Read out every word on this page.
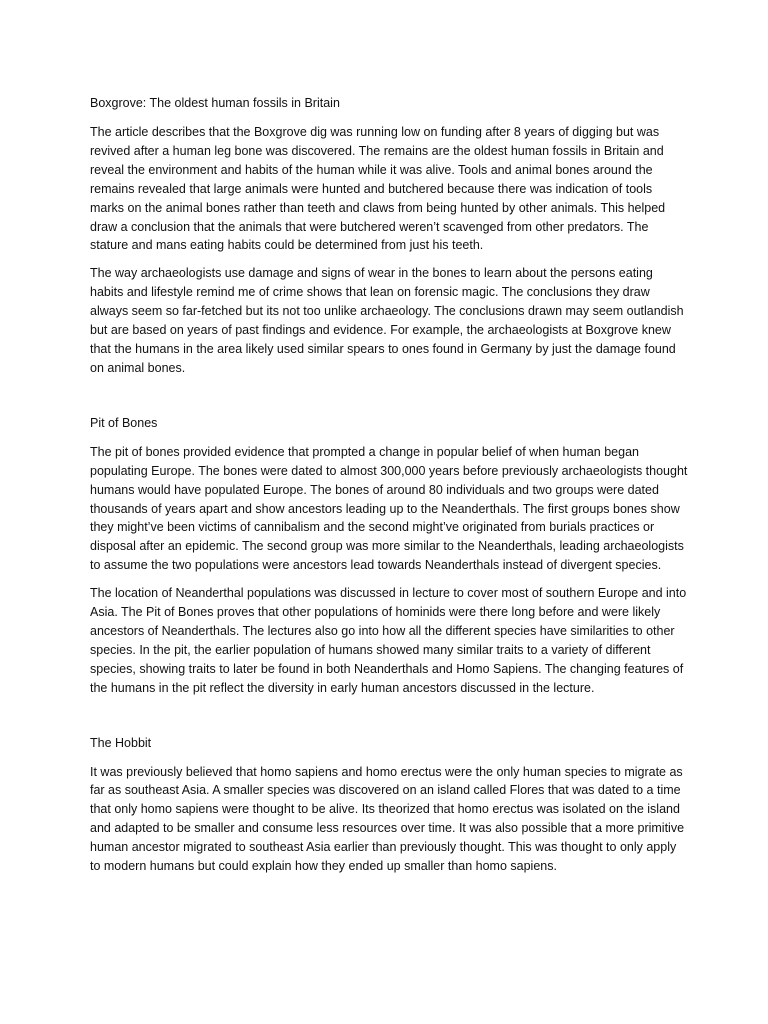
Boxgrove: The oldest human fossils in Britain

The article describes that the Boxgrove dig was running low on funding after 8 years of digging but was revived after a human leg bone was discovered. The remains are the oldest human fossils in Britain and reveal the environment and habits of the human while it was alive. Tools and animal bones around the remains revealed that large animals were hunted and butchered because there was indication of tools marks on the animal bones rather than teeth and claws from being hunted by other animals. This helped draw a conclusion that the animals that were butchered weren’t scavenged from other predators. The stature and mans eating habits could be determined from just his teeth.

The way archaeologists use damage and signs of wear in the bones to learn about the persons eating habits and lifestyle remind me of crime shows that lean on forensic magic. The conclusions they draw always seem so far-fetched but its not too unlike archaeology. The conclusions drawn may seem outlandish but are based on years of past findings and evidence. For example, the archaeologists at Boxgrove knew that the humans in the area likely used similar spears to ones found in Germany by just the damage found on animal bones.

Pit of Bones

The pit of bones provided evidence that prompted a change in popular belief of when human began populating Europe. The bones were dated to almost 300,000 years before previously archaeologists thought humans would have populated Europe. The bones of around 80 individuals and two groups were dated thousands of years apart and show ancestors leading up to the Neanderthals. The first groups bones show they might’ve been victims of cannibalism and the second might’ve originated from burials practices or disposal after an epidemic. The second group was more similar to the Neanderthals, leading archaeologists to assume the two populations were ancestors lead towards Neanderthals instead of divergent species.

The location of Neanderthal populations was discussed in lecture to cover most of southern Europe and into Asia. The Pit of Bones proves that other populations of hominids were there long before and were likely ancestors of Neanderthals. The lectures also go into how all the different species have similarities to other species. In the pit, the earlier population of humans showed many similar traits to a variety of different species, showing traits to later be found in both Neanderthals and Homo Sapiens. The changing features of the humans in the pit reflect the diversity in early human ancestors discussed in the lecture.

The Hobbit

It was previously believed that homo sapiens and homo erectus were the only human species to migrate as far as southeast Asia. A smaller species was discovered on an island called Flores that was dated to a time that only homo sapiens were thought to be alive. Its theorized that homo erectus was isolated on the island and adapted to be smaller and consume less resources over time. It was also possible that a more primitive human ancestor migrated to southeast Asia earlier than previously thought. This was thought to only apply to modern humans but could explain how they ended up smaller than homo sapiens.
